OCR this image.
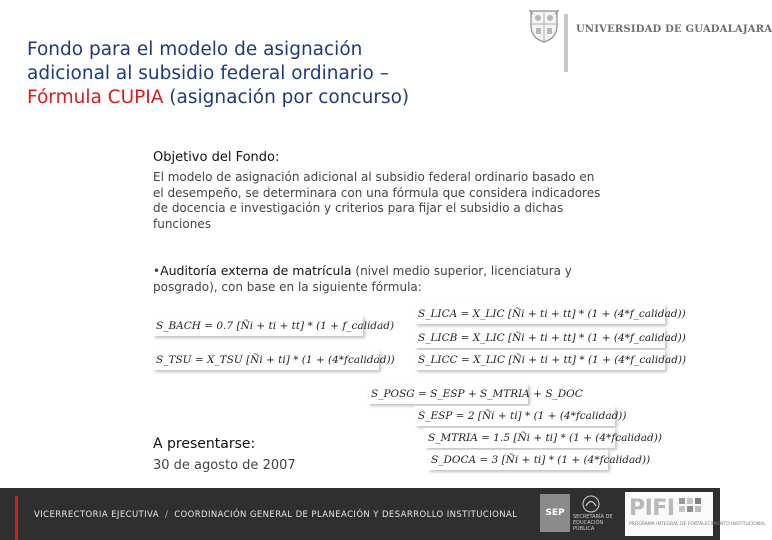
Fondo para el modelo de asignación
adicional al subsidio federal ordinario –
Fórmula CUPIA (asignación por concurso)
UNIVERSIDAD DE GUADALAJARA
Objetivo del Fondo:
El modelo de asignación adicional al subsidio federal ordinario basado en
el desempeño, se determinara con una fórmula que considera indicadores
de docencia e investigación y criterios para fijar el subsidio a dichas
funciones
•Auditoría externa de matrícula (nivel medio superior, licenciatura y
posgrado), con base en la siguiente fórmula:
S_LICA = X_LIC [Ñi + ti + tt] * (1 + (4*f_calidad))
S_BACH = 0.7 [Ñi + ti + tt] * (1 + f_calidad)
S_LICB = X_LIC [Ñi + ti + tt] * (1 + (4*f_calidad))
S_TSU = X_TSU [Ñi + ti] * (1 + (4*fcalidad)) S_LICC = X_LIC [Ñi + ti + tt] * (1 + (4*f_calidad))
S_POSG = S_ESP + S_MTRIA + S_DOC
S_ESP = 2 [Ñi + ti] * (1 + (4*fcalidad))
S_MTRIA = 1.5 [Ñi + ti] * (1 + (4*fcalidad))
S_DOCA = 3 [Ñi + ti] * (1 + (4*fcalidad))
A presentarse:
30 de agosto de 2007
VICERRECTORIA EJECUTIVA / COORDINACIÓN GENERAL DE PLANEACIÓN Y DESARROLLO INSTITUCIONAL	SEP	SECRETARÍA DE
EDUCACIÓN PÚBLICA
PIFI
PROGRAMA INTEGRAL DE FORTALECIMIENTO INSTITUCIONAL
